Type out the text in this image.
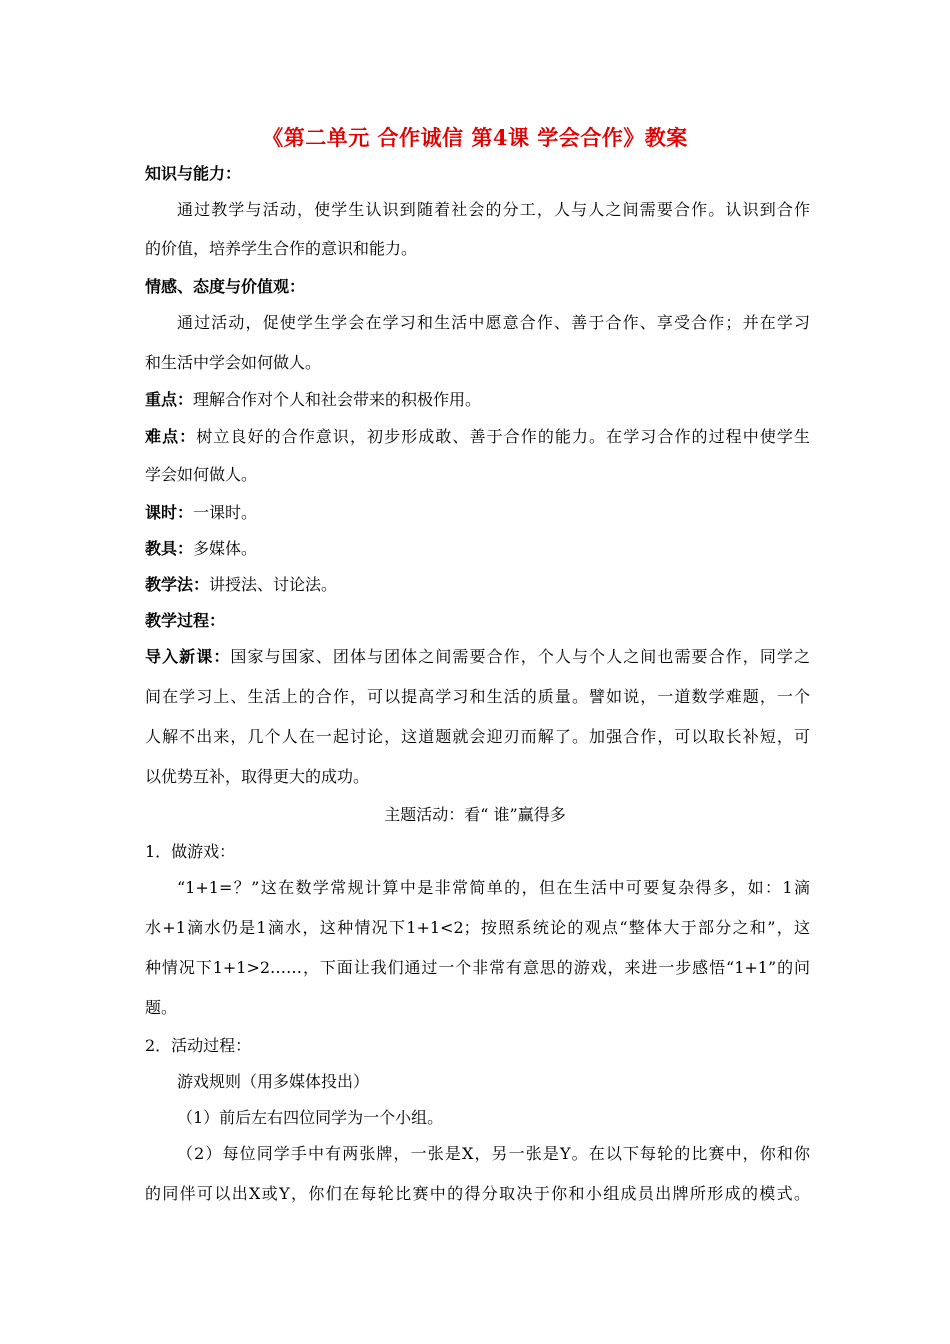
《第二单元 合作诚信 第4课 学会合作》教案
知识与能力：
通过教学与活动，使学生认识到随着社会的分工，人与人之间需要合作。认识到合作
的价值，培养学生合作的意识和能力。
情感、态度与价值观：
通过活动，促使学生学会在学习和生活中愿意合作、善于合作、享受合作；并在学习
和生活中学会如何做人。
重点：理解合作对个人和社会带来的积极作用。
难点：树立良好的合作意识，初步形成敢、善于合作的能力。在学习合作的过程中使学生
学会如何做人。
课时：一课时。
教具：多媒体。
教学法：讲授法、讨论法。
教学过程：
导入新课：国家与国家、团体与团体之间需要合作，个人与个人之间也需要合作，同学之
间在学习上、生活上的合作，可以提高学习和生活的质量。譬如说，一道数学难题，一个
人解不出来，几个人在一起讨论，这道题就会迎刃而解了。加强合作，可以取长补短，可
以优势互补，取得更大的成功。
主题活动：看“ 谁”赢得多
1．做游戏：
“1+1=？”这在数学常规计算中是非常简单的，但在生活中可要复杂得多，如：1滴
水+1滴水仍是1滴水，这种情况下1+1<2；按照系统论的观点“整体大于部分之和”，这
种情况下1+1>2……，下面让我们通过一个非常有意思的游戏，来进一步感悟“1+1”的问
题。
2．活动过程：
游戏规则（用多媒体投出）
（1）前后左右四位同学为一个小组。
（2）每位同学手中有两张牌，一张是X，另一张是Y。在以下每轮的比赛中，你和你
的同伴可以出X或Y，你们在每轮比赛中的得分取决于你和小组成员出牌所形成的模式。
